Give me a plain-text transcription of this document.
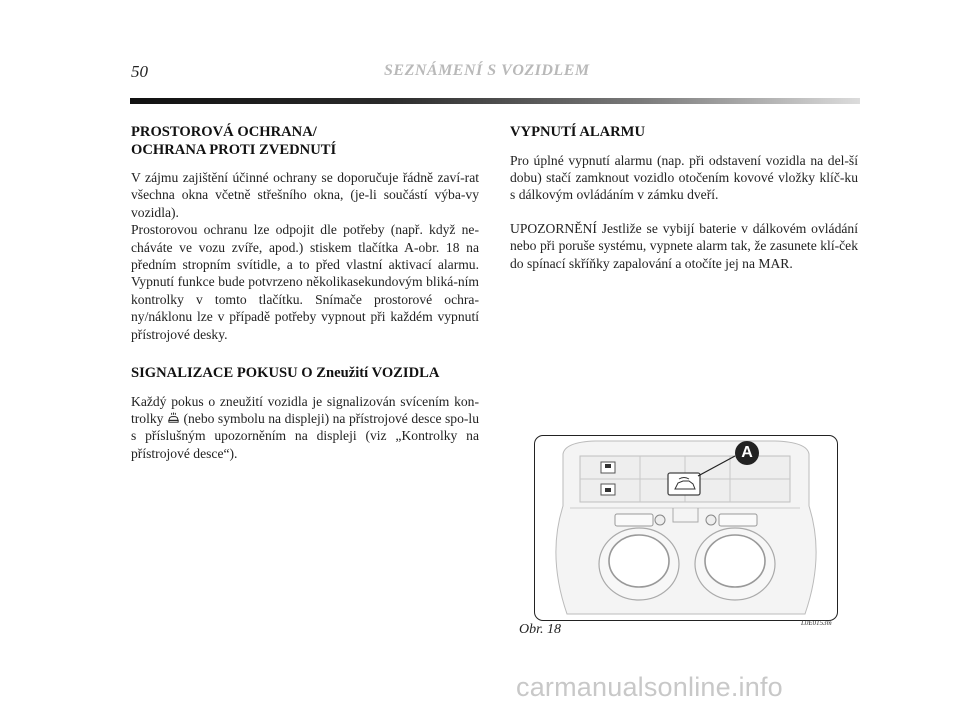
50	SEZNÁMENÍ S VOZIDLEM
PROSTOROVÁ OCHRANA/
OCHRANA PROTI ZVEDNUTÍ

V zájmu zajištění účinné ochrany se doporučuje řádně zaví-rat všechna okna včetně střešního okna, (je-li součástí výba-vy vozidla).

Prostorovou ochranu lze odpojit dle potřeby (např. když ne-cháváte ve vozu zvíře, apod.) stiskem tlačítka A-obr. 18 na předním stropním svítidle, a to před vlastní aktivací alarmu. Vypnutí funkce bude potvrzeno několikasekundovým bliká-ním kontrolky v tomto tlačítku. Snímače prostorové ochra-ny/náklonu lze v případě potřeby vypnout při každém vypnutí přístrojové desky.

SIGNALIZACE POKUSU O Zneužití VOZIDLA

Každý pokus o zneužití vozidla je signalizován svícením kon-trolky  (nebo symbolu na displeji) na přístrojové desce spo-lu s příslušným upozorněním na displeji (viz „Kontrolky na přístrojové desce“).

VYPNUTÍ ALARMU

Pro úplné vypnutí alarmu (nap. při odstavení vozidla na del-ší dobu) stačí zamknout vozidlo otočením kovové vložky klíč-ku s dálkovým ovládáním v zámku dveří.

UPOZORNĚNÍ Jestliže se vybijí baterie v dálkovém ovládání nebo při poruše systému, vypnete alarm tak, že zasunete klí-ček do spínací skříňky zapalování a otočíte jej na MAR.

A
Obr. 18	L0E0153m
carmanualsonline.info
